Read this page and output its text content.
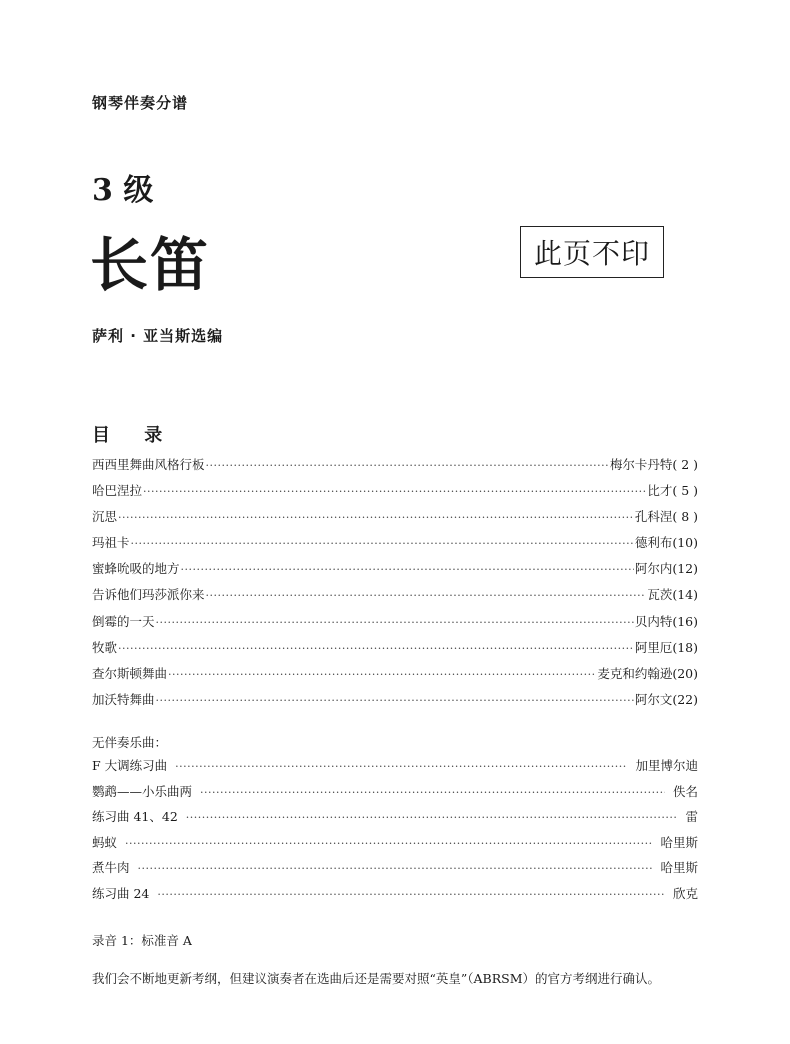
钢琴伴奏分谱
3 级
长笛	此页不印
萨利 · 亚当斯选编
目 录
西西里舞曲风格行板 ·····	梅尔卡丹特( 2 )
哈巴涅拉 ·····	比才( 5 )
沉思 ·····	孔科涅( 8 )
玛祖卡 ·····	德利布(10)
蜜蜂吮吸的地方 ·····	阿尔内(12)
告诉他们玛莎派你来 ·····	瓦茨(14)
倒霉的一天 ·····	贝内特(16)
牧歌 ·····	阿里厄(18)
查尔斯顿舞曲 ·····	麦克和约翰逊(20)
加沃特舞曲 ·····	阿尔文(22)
无伴奏乐曲：
F 大调练习曲 ·····	加里博尔迪
鹦鹉——小乐曲两 ·····	佚名
练习曲 41、42 ·····	雷
蚂蚁 ·····	哈里斯
煮牛肉 ·····	哈里斯
练习曲 24 ·····	欣克
录音 1：标准音 A
我们会不断地更新考纲，但建议演奏者在选曲后还是需要对照“英皇”（ABRSM）的官方考纲进行确认。
